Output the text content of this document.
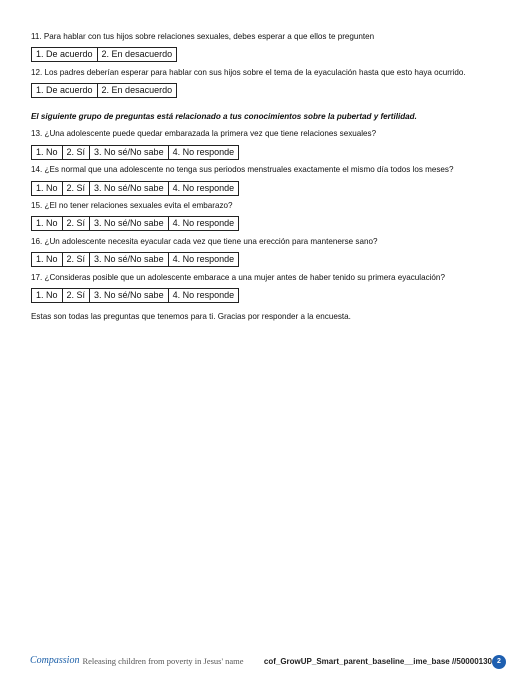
11. Para hablar con tus hijos sobre relaciones sexuales, debes esperar a que ellos te pregunten
1. De acuerdo	2. En desacuerdo
12. Los padres deberían esperar para hablar con sus hijos sobre el tema de la eyaculación hasta que esto haya ocurrido.
1. De acuerdo	2. En desacuerdo
El siguiente grupo de preguntas está relacionado a tus conocimientos sobre la pubertad y fertilidad.
13. ¿Una adolescente puede quedar embarazada la primera vez que tiene relaciones sexuales?
1. No	2. Sí	3. No sé/No sabe	4. No responde
14. ¿Es normal que una adolescente no tenga sus periodos menstruales exactamente el mismo día todos los meses?
1. No	2. Sí	3. No sé/No sabe	4. No responde
15. ¿El no tener relaciones sexuales evita el embarazo?
1. No	2. Sí	3. No sé/No sabe	4. No responde
16. ¿Un adolescente necesita eyacular cada vez que tiene una erección para mantenerse sano?
1. No	2. Sí	3. No sé/No sabe	4. No responde
17. ¿Consideras posible que un adolescente embarace a una mujer antes de haber tenido su primera eyaculación?
1. No	2. Sí	3. No sé/No sabe	4. No responde
Estas son todas las preguntas que tenemos para ti. Gracias por responder a la encuesta.
Compassion Releasing children from poverty in Jesus' name	cof_GrowUP_Smart_parent_baseline__ime_base //50000130 2
